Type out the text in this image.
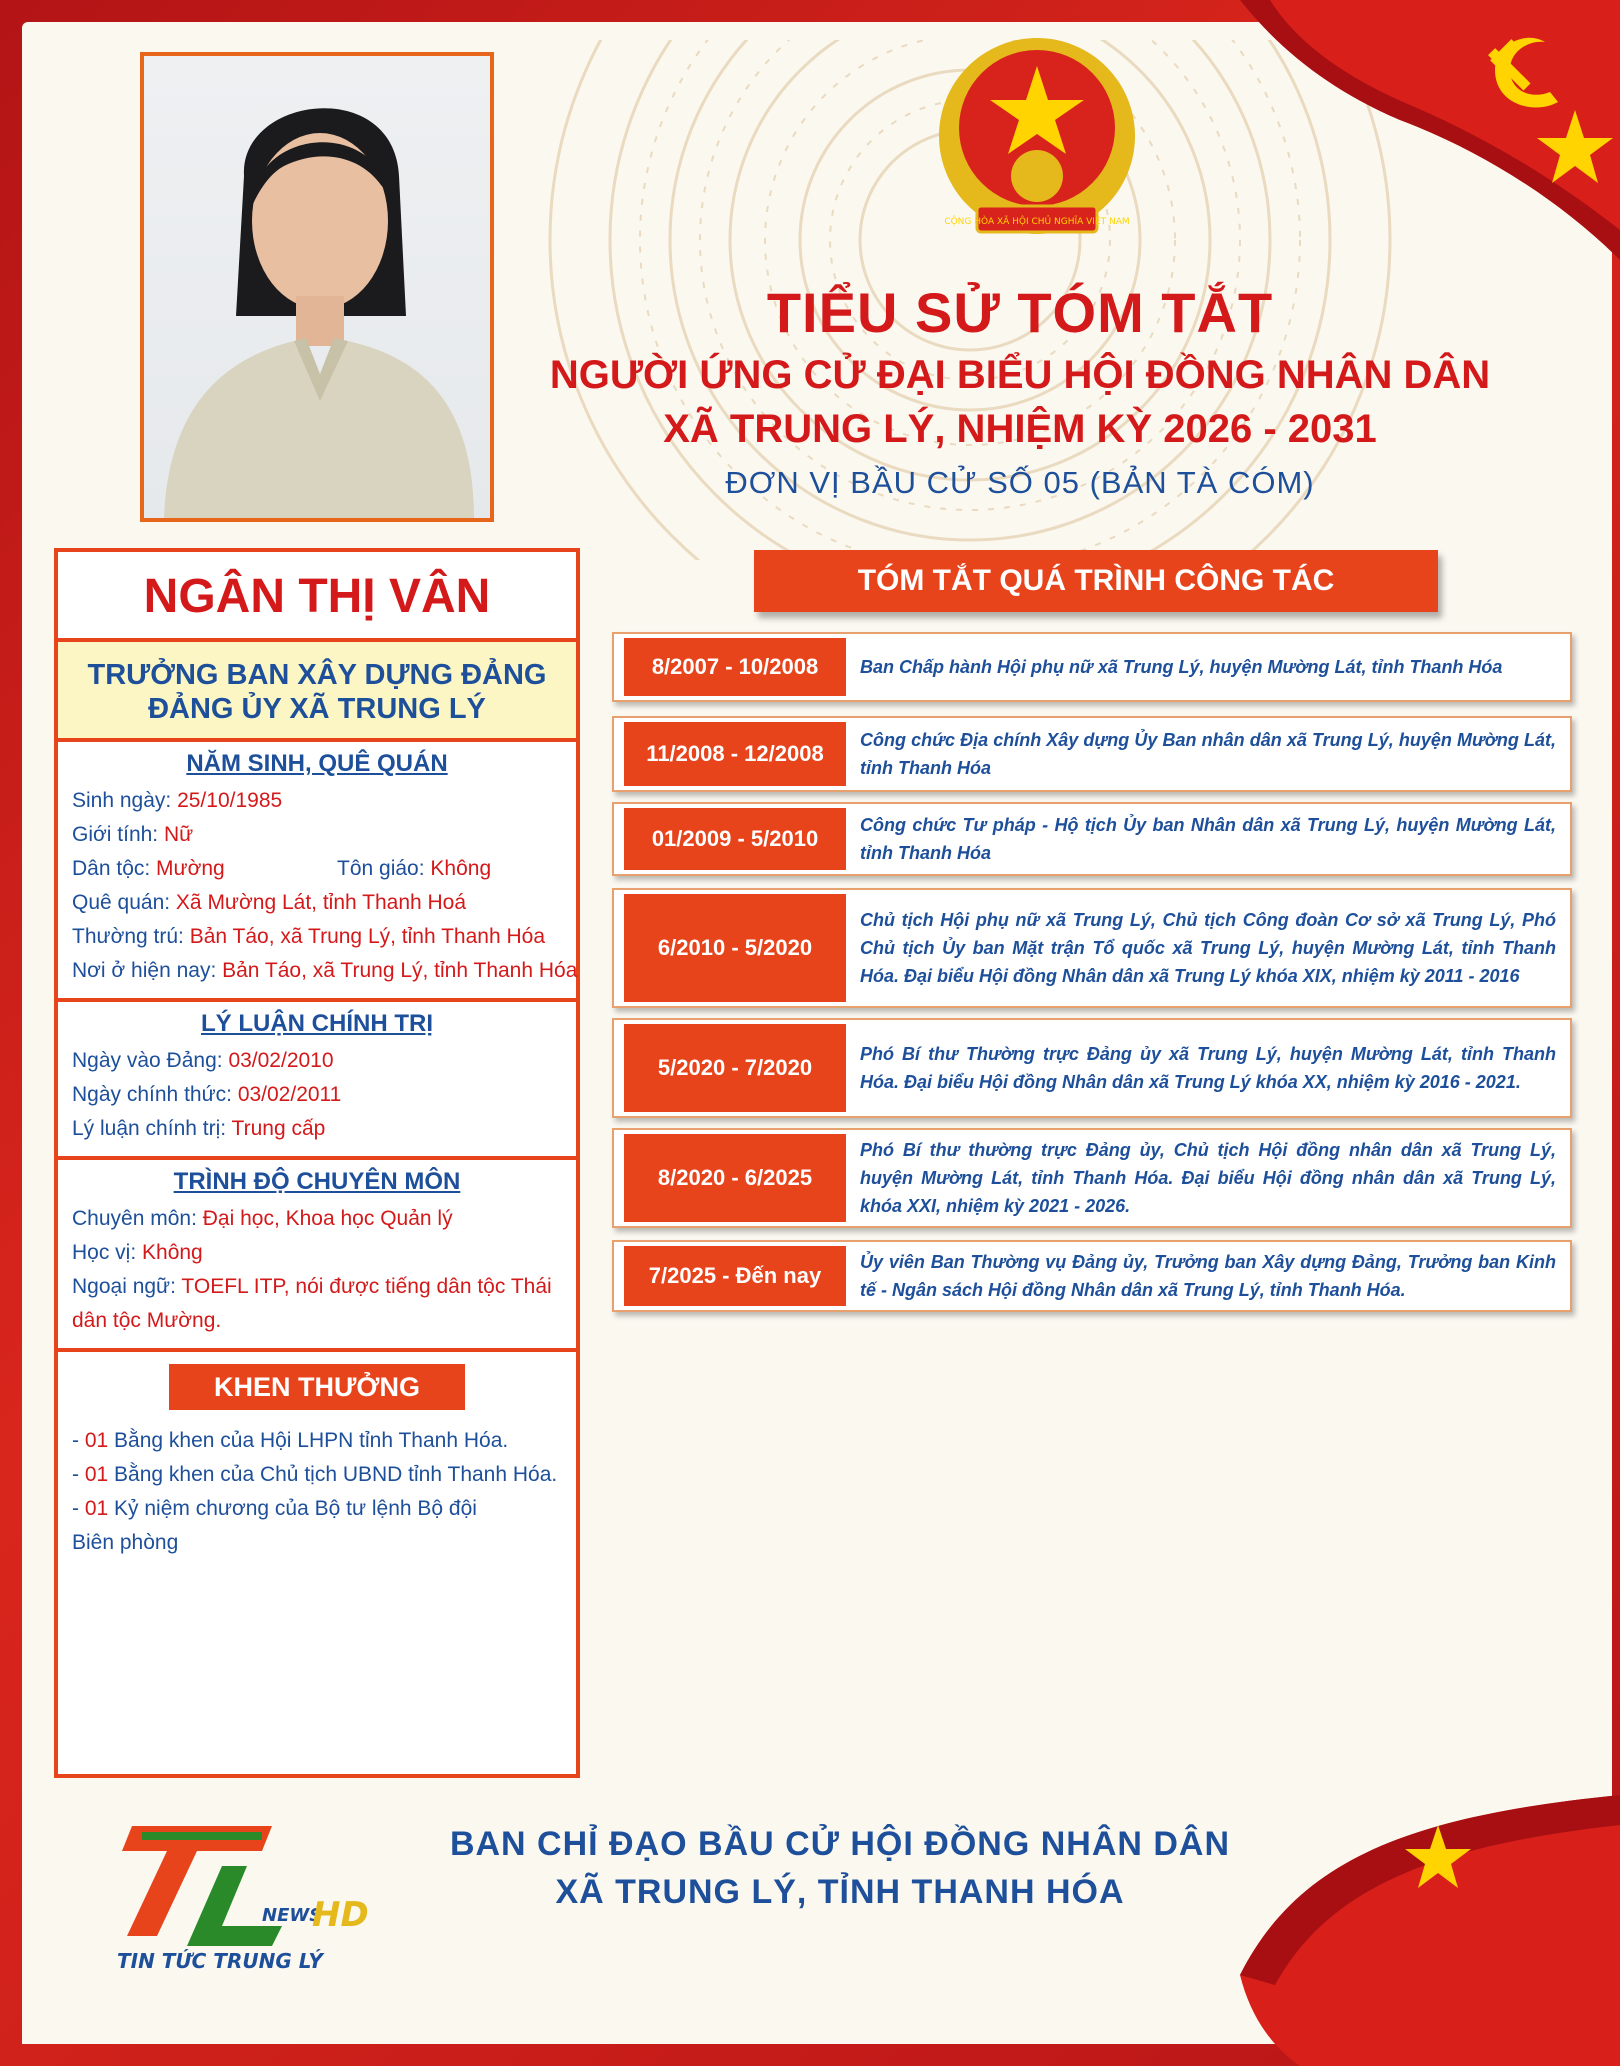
CỘNG HÒA XÃ HỘI CHỦ NGHĨA VIỆT NAM
TIỂU SỬ TÓM TẮT
NGƯỜI ỨNG CỬ ĐẠI BIỂU HỘI ĐỒNG NHÂN DÂN
XÃ TRUNG LÝ, NHIỆM KỲ 2026 - 2031
ĐƠN VỊ BẦU CỬ SỐ 05 (BẢN TÀ CÓM)
NGÂN THỊ VÂN
TRƯỞNG BAN XÂY DỰNG ĐẢNG
ĐẢNG ỦY XÃ TRUNG LÝ
NĂM SINH, QUÊ QUÁN
Sinh ngày: 25/10/1985
Giới tính: Nữ
Dân tộc: Mường	Tôn giáo: Không
Quê quán: Xã Mường Lát, tỉnh Thanh Hoá
Thường trú: Bản Táo, xã Trung Lý, tỉnh Thanh Hóa
Nơi ở hiện nay: Bản Táo, xã Trung Lý, tỉnh Thanh Hóa
LÝ LUẬN CHÍNH TRỊ
Ngày vào Đảng: 03/02/2010
Ngày chính thức: 03/02/2011
Lý luận chính trị: Trung cấp
TRÌNH ĐỘ CHUYÊN MÔN
Chuyên môn: Đại học, Khoa học Quản lý
Học vị: Không
Ngoại ngữ: TOEFL ITP, nói được tiếng dân tộc Thái dân tộc Mường.
KHEN THƯỞNG
- 01 Bằng khen của Hội LHPN tỉnh Thanh Hóa.
- 01 Bằng khen của Chủ tịch UBND tỉnh Thanh Hóa.
- 01 Kỷ niệm chương của Bộ tư lệnh Bộ đội Biên phòng
TÓM TẮT QUÁ TRÌNH CÔNG TÁC
8/2007 - 10/2008	Ban Chấp hành Hội phụ nữ xã Trung Lý, huyện Mường Lát, tỉnh Thanh Hóa
11/2008 - 12/2008
Công chức Địa chính Xây dựng Ủy Ban nhân dân xã Trung Lý, huyện Mường Lát, tỉnh Thanh Hóa
01/2009 - 5/2010
Công chức Tư pháp - Hộ tịch Ủy ban Nhân dân xã Trung Lý, huyện Mường Lát, tỉnh Thanh Hóa
6/2010 - 5/2020
Chủ tịch Hội phụ nữ xã Trung Lý, Chủ tịch Công đoàn Cơ sở xã Trung Lý, Phó Chủ tịch Ủy ban Mặt trận Tổ quốc xã Trung Lý, huyện Mường Lát, tỉnh Thanh Hóa. Đại biểu Hội đồng Nhân dân xã Trung Lý khóa XIX, nhiệm kỳ 2011 - 2016
5/2020 - 7/2020
Phó Bí thư Thường trực Đảng ủy xã Trung Lý, huyện Mường Lát, tỉnh Thanh Hóa. Đại biểu Hội đồng Nhân dân xã Trung Lý khóa XX, nhiệm kỳ 2016 - 2021.
8/2020 - 6/2025
Phó Bí thư thường trực Đảng ủy, Chủ tịch Hội đồng nhân dân xã Trung Lý, huyện Mường Lát, tỉnh Thanh Hóa. Đại biểu Hội đồng nhân dân xã Trung Lý, khóa XXI, nhiệm kỳ 2021 - 2026.
7/2025 - Đến nay
Ủy viên Ban Thường vụ Đảng ủy, Trưởng ban Xây dựng Đảng, Trưởng ban Kinh tế - Ngân sách Hội đồng Nhân dân xã Trung Lý, tỉnh Thanh Hóa.
BAN CHỈ ĐẠO BẦU CỬ HỘI ĐỒNG NHÂN DÂN
XÃ TRUNG LÝ, TỈNH THANH HÓA
NEWS
HD
TIN TỨC TRUNG LÝ
